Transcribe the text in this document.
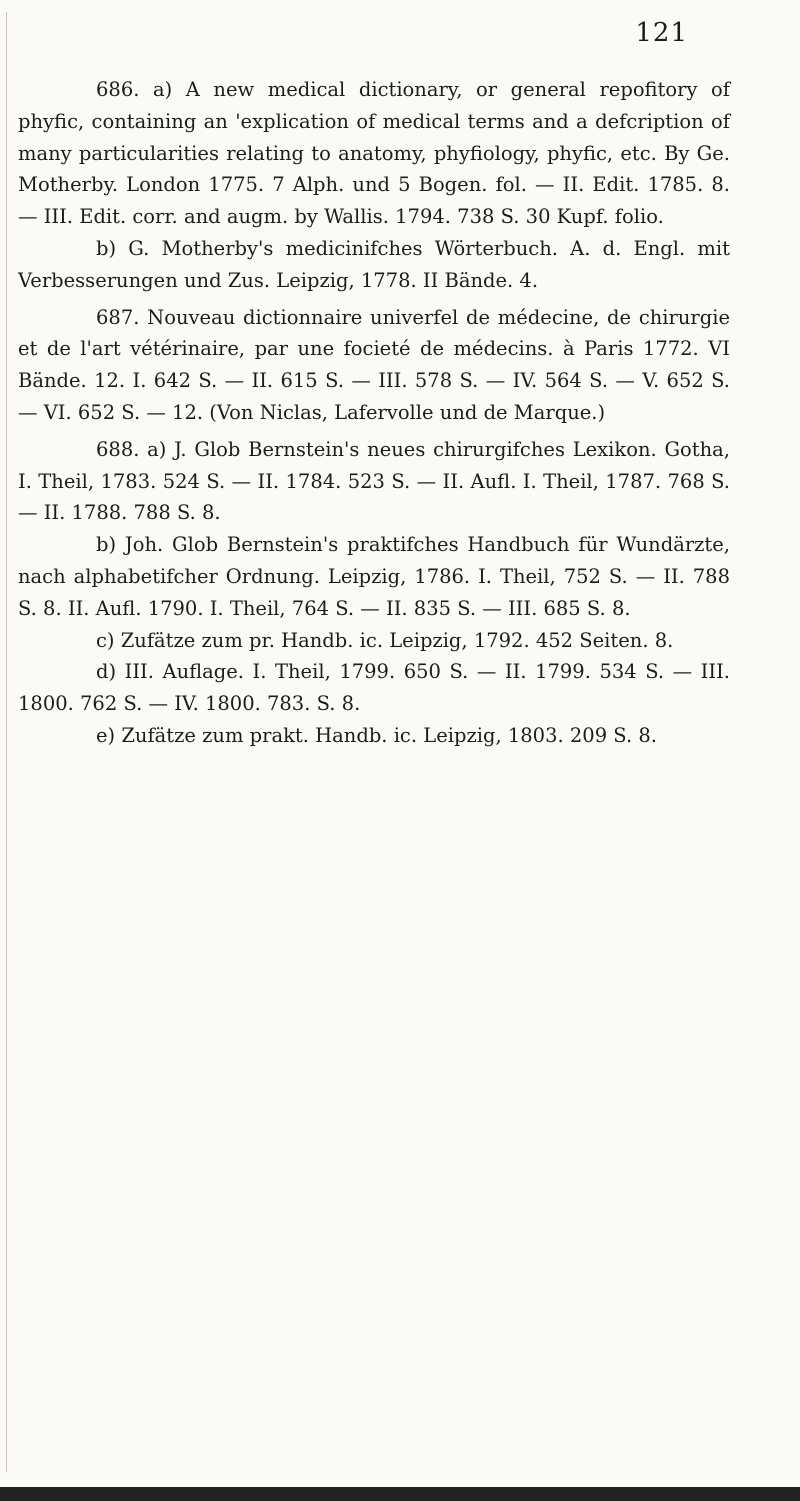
121

686. a) A new medical dictionary, or general repofitory of phyfic, containing an 'explication of medical terms and a defcription of many particularities relating to anatomy, phyfiology, phyfic, etc. By Ge. Motherby. London 1775. 7 Alph. und 5 Bogen. fol. — II. Edit. 1785. 8. — III. Edit. corr. and augm. by Wallis. 1794. 738 S. 30 Kupf. folio.

b) G. Motherby's medicinifches Wörterbuch. A. d. Engl. mit Verbesserungen und Zus. Leipzig, 1778. II Bände. 4.

687. Nouveau dictionnaire univerfel de médecine, de chirurgie et de l'art vétérinaire, par une focieté de médecins. à Paris 1772. VI Bände. 12. I. 642 S. — II. 615 S. — III. 578 S. — IV. 564 S. — V. 652 S. — VI. 652 S. — 12. (Von Niclas, Lafervolle und de Marque.)

688. a) J. Glob Bernstein's neues chirurgifches Lexikon. Gotha, I. Theil, 1783. 524 S. — II. 1784. 523 S. — II. Aufl. I. Theil, 1787. 768 S. — II. 1788. 788 S. 8.

b) Joh. Glob Bernstein's praktifches Handbuch für Wundärzte, nach alphabetifcher Ordnung. Leipzig, 1786. I. Theil, 752 S. — II. 788 S. 8. II. Aufl. 1790. I. Theil, 764 S. — II. 835 S. — III. 685 S. 8.

c) Zufätze zum pr. Handb. ic. Leipzig, 1792. 452 Seiten. 8.

d) III. Auflage. I. Theil, 1799. 650 S. — II. 1799. 534 S. — III. 1800. 762 S. — IV. 1800. 783. S. 8.

e) Zufätze zum prakt. Handb. ic. Leipzig, 1803. 209 S. 8.
